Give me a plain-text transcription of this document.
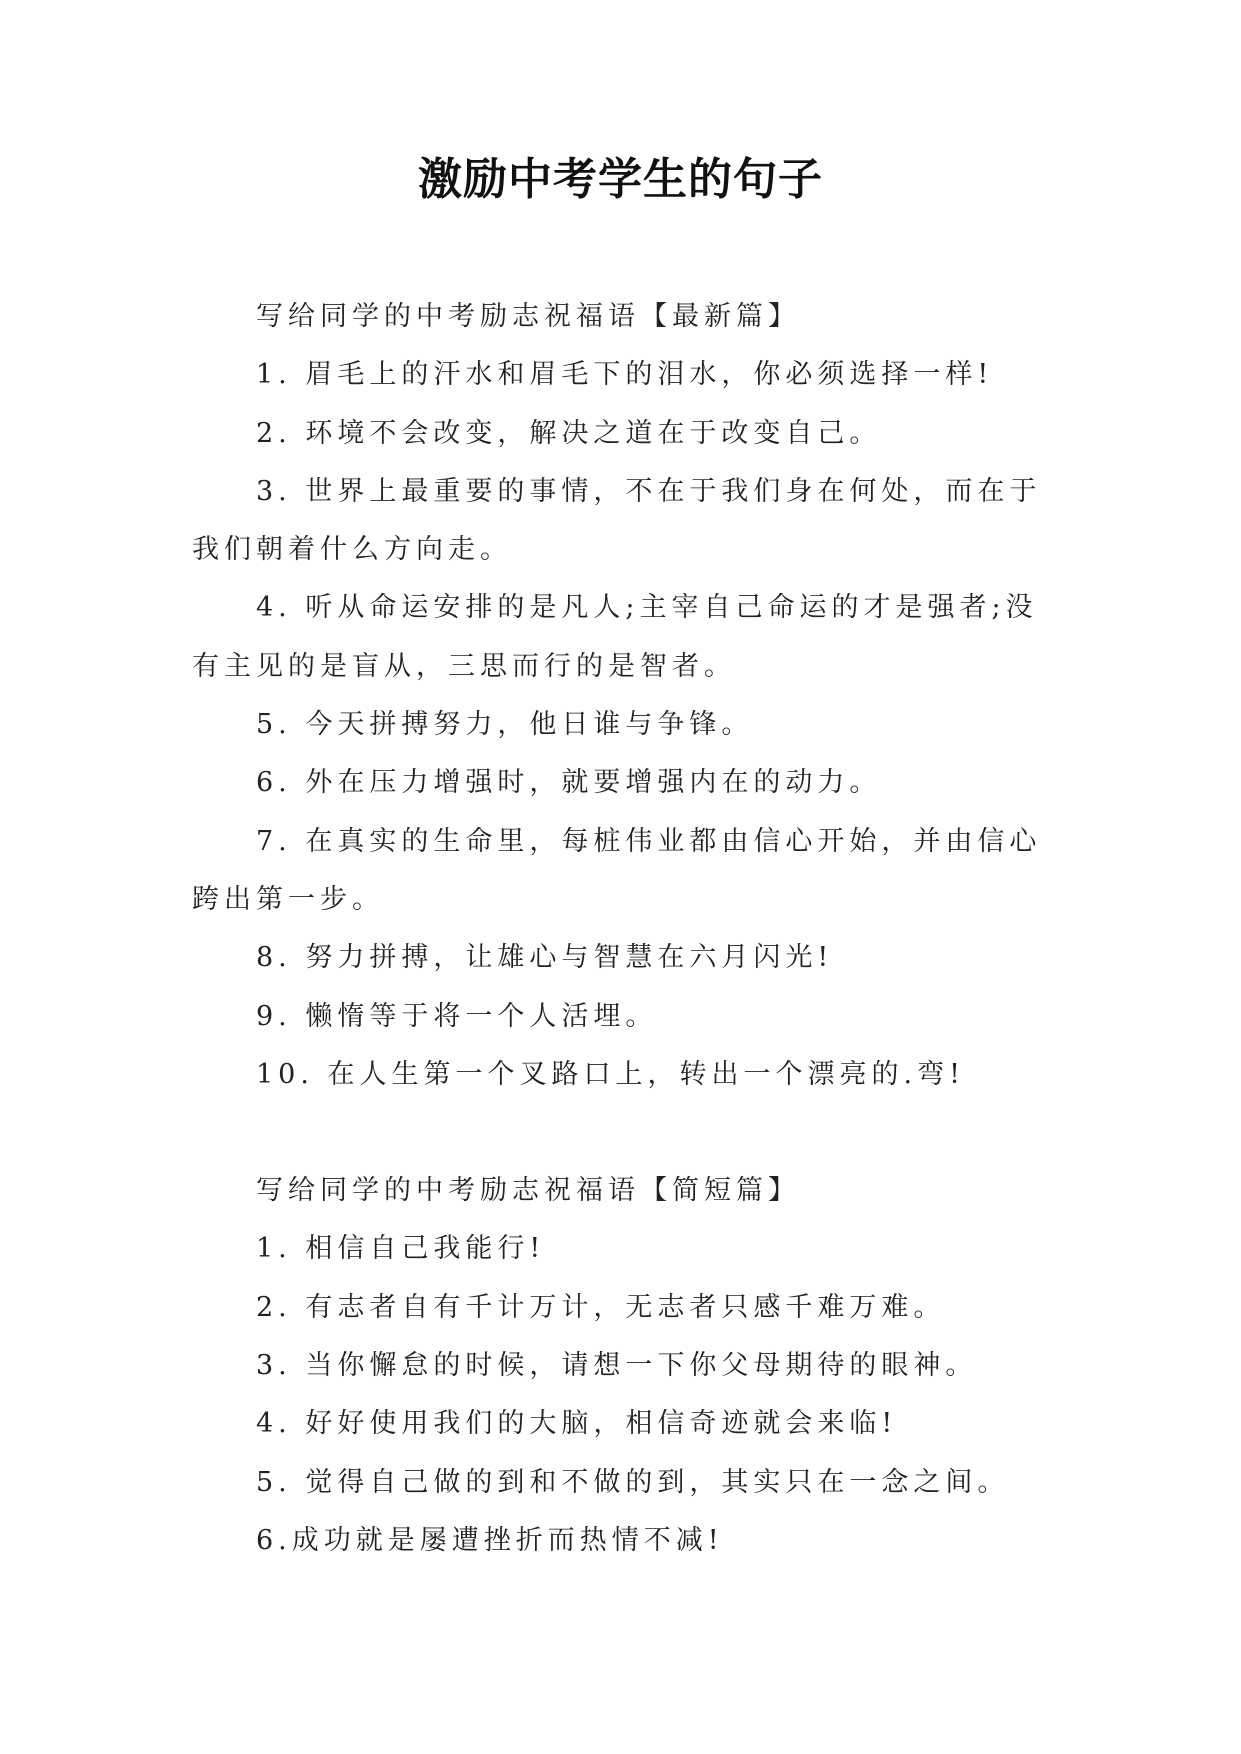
激励中考学生的句子

写给同学的中考励志祝福语【最新篇】

1. 眉毛上的汗水和眉毛下的泪水，你必须选择一样!

2. 环境不会改变，解决之道在于改变自己。

3. 世界上最重要的事情，不在于我们身在何处，而在于我们朝着什么方向走。

4. 听从命运安排的是凡人;主宰自己命运的才是强者;没有主见的是盲从，三思而行的是智者。

5. 今天拼搏努力，他日谁与争锋。

6. 外在压力增强时，就要增强内在的动力。

7. 在真实的生命里，每桩伟业都由信心开始，并由信心跨出第一步。

8. 努力拼搏，让雄心与智慧在六月闪光!

9. 懒惰等于将一个人活埋。

10. 在人生第一个叉路口上，转出一个漂亮的.弯!

写给同学的中考励志祝福语【简短篇】

1. 相信自己我能行!

2. 有志者自有千计万计，无志者只感千难万难。

3. 当你懈怠的时候，请想一下你父母期待的眼神。

4. 好好使用我们的大脑，相信奇迹就会来临!

5. 觉得自己做的到和不做的到，其实只在一念之间。

6.成功就是屡遭挫折而热情不减!
